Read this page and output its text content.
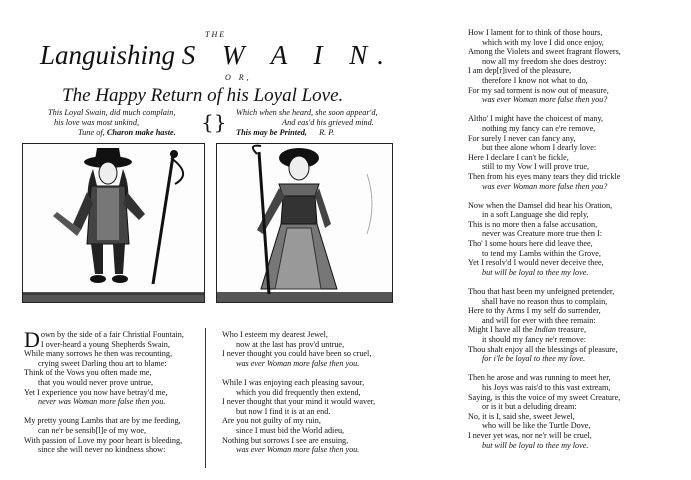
THE
Languishing S W A I N.
O R,
The Happy Return of his Loyal Love.
This Loyal Swain, did much complain,
his love was most unkind,	{} Which when she heard, she soon appear'd,
And eas'd his grieved mind.
Tune of, Charon make haste.	This may be Printed, R. P.
D own by the side of a fair Christial Fountain,

I over-heard a young Shepherds Swain,

While many sorrows he then was recounting,

crying sweet Darling thou art to blame:

Think of the Vows you often made me,

that you would never prove untrue,

Yet I experience you now have betray'd me,

never was Woman more false then you.

My pretty young Lambs that are by me feeding,

can ne'r be sensib[l]e of my woe,

With passion of Love my poor heart is bleeding,

since she will never no kindness show:

Who I esteem my dearest Jewel,

now at the last has prov'd untrue,

I never thought you could have been so cruel,

was ever Woman more false then you.

While I was enjoying each pleasing savour,

which you did frequently then extend,

I never thought that your mind it would waver,

but now I find it is at an end.

Are you not guilty of my ruin,

since I must bid the World adieu,

Nothing but sorrows I see are ensuing,

was ever Woman more false then you.

How I lament for to think of those hours,

which with my love I did once enjoy,

Among the Violets and sweet fragrant flowers,

now all my freedom she does destroy:

I am dep[r]ived of the pleasure,

therefore I know not what to do,

For my sad torment is now out of measure,

was ever Woman more false then you?

Altho' I might have the choicest of many,

nothing my fancy can e're remove,

For surely I never can fancy any,

but thee alone whom I dearly love:

Here I declare I can't be fickle,

still to my Vow I will prove true,

Then from his eyes many tears they did trickle

was ever Woman more false then you?

Now when the Damsel did hear his Oration,

in a soft Language she did reply,

This is no more then a false accusation,

never was Creature more true then I:

Tho' I some hours here did leave thee,

to tend my Lambs within the Grove,

Yet I resolv'd I would never deceive thee,

but will be loyal to thee my love.

Thou that hast been my unfeigned pretender,

shall have no reason thus to complain,

Here to thy Arms I my self do surrender,

and will for ever with thee remain:

Might I have all the Indian treasure,

it should my fancy ne'r remove:

Thou shalt enjoy all the blessings of pleasure,

for i'le be loyal to thee my love.

Then he arose and was running to meet her,

his Joys was rais'd to this vast extream,

Saying, is this the voice of my sweet Creature,

or is it but a deluding dream:

No, it is I, said she, sweet Jewel,

who will be like the Turtle Dove,

I never yet was, nor ne'r will be cruel,

but will be loyal to thee my love.
